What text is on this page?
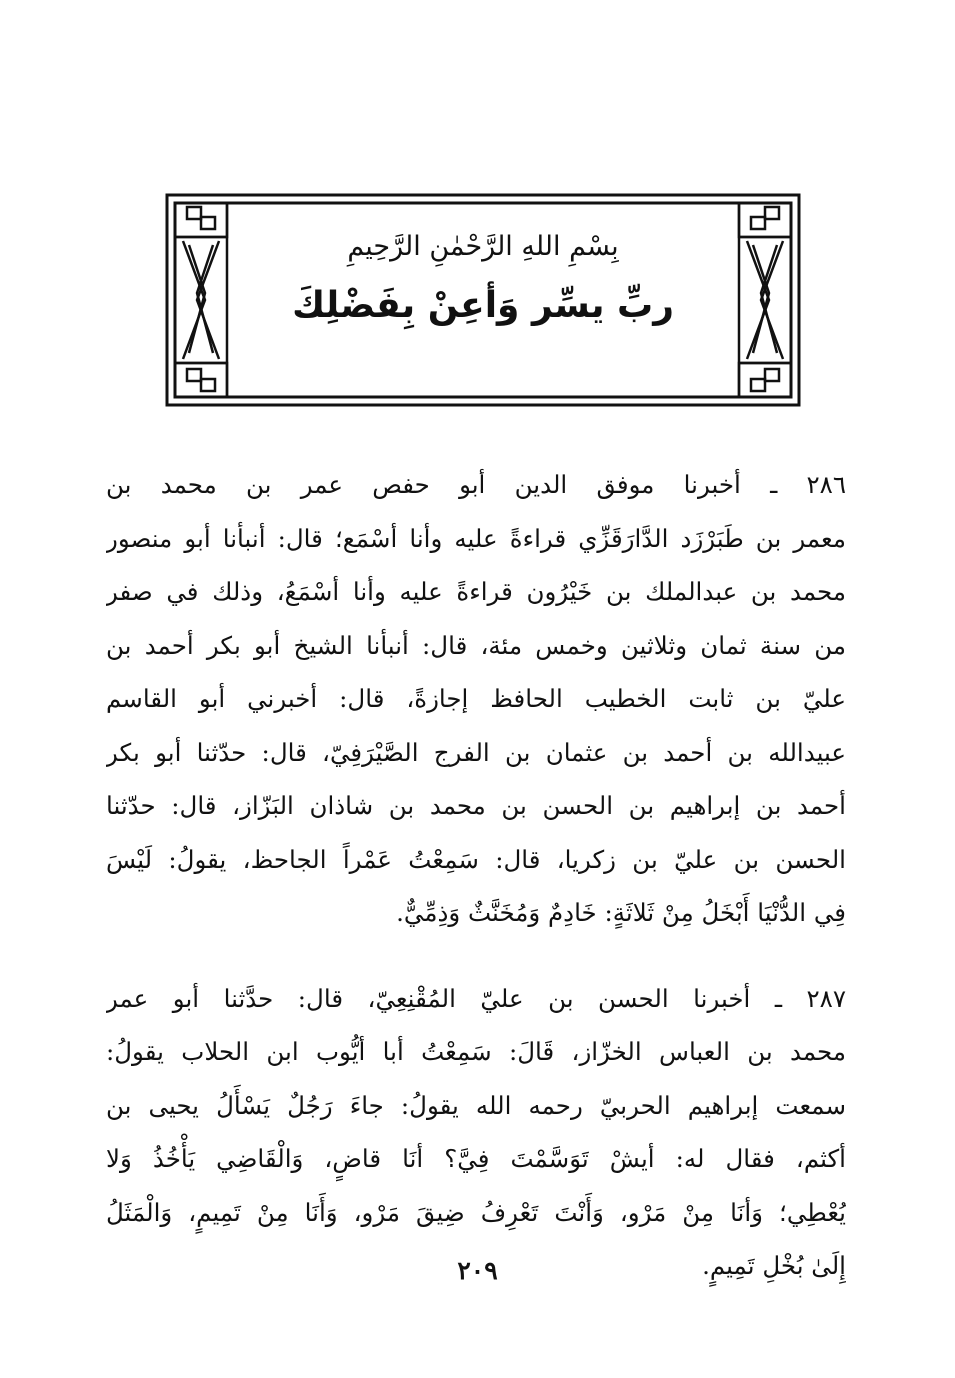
بِسْمِ اللهِ الرَّحْمٰنِ الرَّحِيمِ
ربِّ يسِّر وَأعِنْ بِفَضْلِكَ

٢٨٦ ـ أخبرنا موفق الدين أبو حفص عمر بن محمد بن

معمر بن طَبَرْزَد الدَّارَقَزِّي قراءةً عليه وأنا أسْمَع؛ قال: أنبأنا أبو منصور

محمد بن عبدالملك بن خَيْرُون قراءةً عليه وأنا أسْمَعُ، وذلك في صفر

من سنة ثمان وثلاثين وخمس مئة، قال: أنبأنا الشيخ أبو بكر أحمد بن

عليّ بن ثابت الخطيب الحافظ إجازةً، قال: أخبرني أبو القاسم

عبيدالله بن أحمد بن عثمان بن الفرج الصَّيْرَفِيّ، قال: حدّثنا أبو بكر

أحمد بن إبراهيم بن الحسن بن محمد بن شاذان البَزّاز، قال: حدّثنا

الحسن بن عليّ بن زكريا، قال: سَمِعْتُ عَمْراً الجاحظ، يقولُ: لَيْسَ

فِي الدُّنْيَا أَبْخَلُ مِنْ ثَلاثَةٍ: خَادِمٌ وَمُخَنَّثٌ وَذِمِّيٌّ.

٢٨٧ ـ أخبرنا الحسن بن عليّ المُقْنِعِيّ، قال: حدَّثنا أبو عمر

محمد بن العباس الخزّاز، قَالَ: سَمِعْتُ أبا أيُّوب ابن الحلاب يقولُ:

سمعت إبراهيم الحربيّ رحمه الله يقولُ: جاءَ رَجُلٌ يَسْأَلُ يحيى بن

أكثم، فقال له: أيشْ تَوَسَّمْتَ فِيَّ؟ أنَا قاضٍ، وَالْقَاضِي يَأْخُذُ وَلا

يُعْطِي؛ وَأنَا مِنْ مَرْو، وَأَنْتَ تَعْرِفُ ضِيقَ مَرْو، وَأَنَا مِنْ تَمِيمٍ، وَالْمَثَلُ

إِلَىٰ بُخْلِ تَمِيمٍ.

٢٠٩
